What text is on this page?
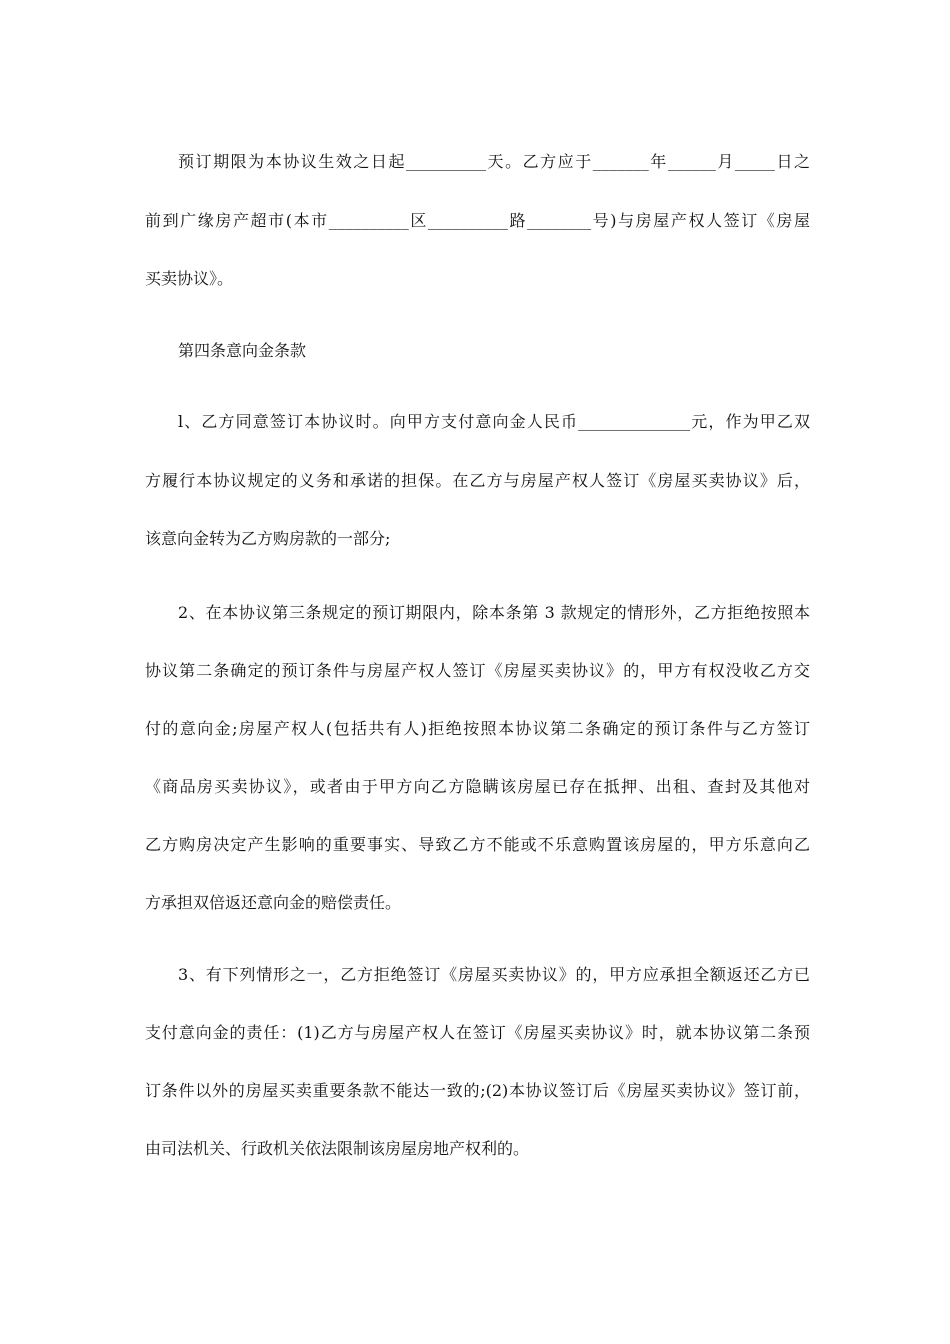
预订期限为本协议生效之日起__________天。乙方应于_______年______月_____日之
前到广缘房产超市(本市__________区__________路________号)与房屋产权人签订《房屋
买卖协议》。
第四条意向金条款
l、乙方同意签订本协议时。向甲方支付意向金人民币______________元，作为甲乙双
方履行本协议规定的义务和承诺的担保。在乙方与房屋产权人签订《房屋买卖协议》后，
该意向金转为乙方购房款的一部分;
2、在本协议第三条规定的预订期限内，除本条第 3 款规定的情形外，乙方拒绝按照本
协议第二条确定的预订条件与房屋产权人签订《房屋买卖协议》的，甲方有权没收乙方交
付的意向金;房屋产权人(包括共有人)拒绝按照本协议第二条确定的预订条件与乙方签订
《商品房买卖协议》，或者由于甲方向乙方隐瞒该房屋已存在抵押、出租、查封及其他对
乙方购房决定产生影响的重要事实、导致乙方不能或不乐意购置该房屋的，甲方乐意向乙
方承担双倍返还意向金的赔偿责任。
3、有下列情形之一，乙方拒绝签订《房屋买卖协议》的，甲方应承担全额返还乙方已
支付意向金的责任：(1)乙方与房屋产权人在签订《房屋买卖协议》时，就本协议第二条预
订条件以外的房屋买卖重要条款不能达一致的;(2)本协议签订后《房屋买卖协议》签订前，
由司法机关、行政机关依法限制该房屋房地产权利的。
